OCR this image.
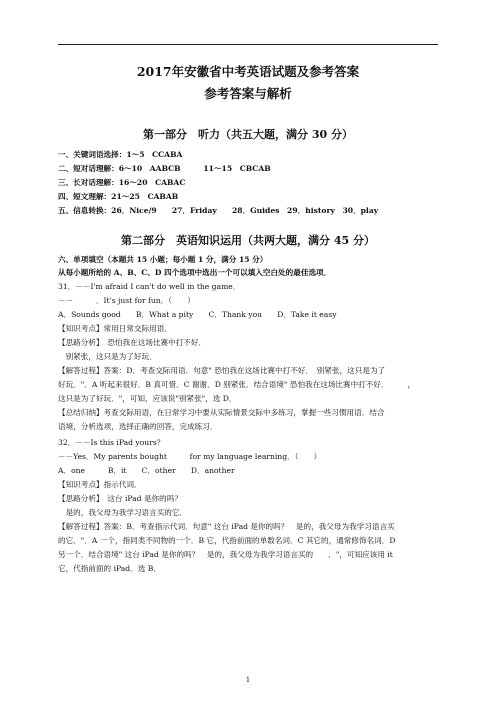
2017年安徽省中考英语试题及参考答案
参考答案与解析
第一部分　听力（共五大题，满分 30 分）
一、关键词语选择：1～5　CCABA
二、短对话理解：6～10　AABCB　　　11～15　CBCAB
三、长对话理解：16～20　CABAC
四、短文理解：21～25　CABAB
五、信息转换：26．Nice/9　　27．Friday　　28．Guides　29．history　30．play
第二部分　英语知识运用（共两大题，满分 45 分）
六、单项填空（本题共 15 小题；每小题 1 分，满分 15 分）
从每小题所给的 A、B、C、D 四个选项中选出一个可以填入空白处的最佳选项．
31．－－I'm afraid I can't do well in the game．
－－　　　．It's just for fun．（　　）
A．Sounds good　　B．What a pity　　C．Thank you　　D．Take it easy
【知识考点】常用日常交际用语．
【思路分析】　恐怕我在这场比赛中打不好．
　别紧张，这只是为了好玩．
【解答过程】答案：D．考查交际用语．句意" 恐怕我在这场比赛中打不好．　别紧张，这只是为了
好玩．"．A 听起来很好．B 真可惜．C 谢谢．D 别紧张．结合语境" 恐怕我在这场比赛中打不好．　　　，
这只是为了好玩．"，可知，应该说"别紧张"，选 D．
【总结归纳】考查交际用语，在日常学习中要从实际情景交际中多练习，掌握一些习惯用语．结合
语境，分析选项，选择正确的回答，完成练习．
32．－－Is this iPad yours？
－－Yes．My parents bought　　　for my language learning．（　　）
A．one　　　B．it　　C．other　　D．another
【知识考点】指示代词．
【思路分析】　这台 iPad 是你的吗？
　是的，我父母为我学习语言买的它．
【解答过程】答案：B．考查指示代词．句意" 这台 iPad 是你的吗？　是的，我父母为我学习语言买
的它．"．A 一个，指同类不同物的一个．B 它，代指前面的单数名词．C 其它的，通常修饰名词．D
另一个．结合语境" 这台 iPad 是你的吗？　是的，我父母为我学习语言买的　　．"，可知应该用 it
它，代指前面的 iPad．选 B．
1
